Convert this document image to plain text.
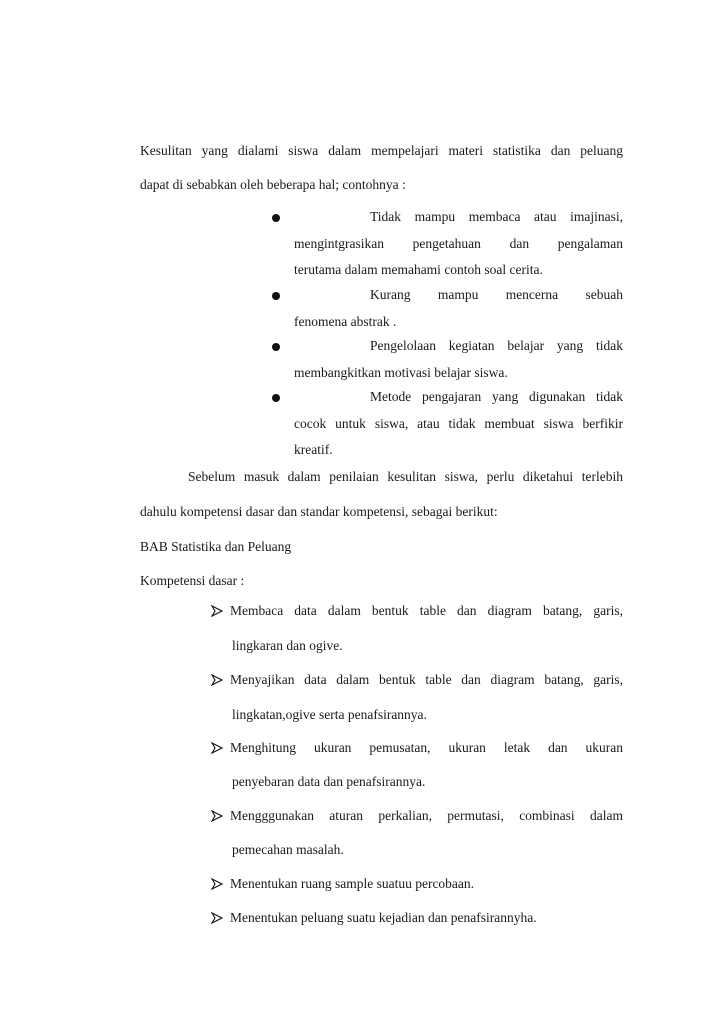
Kesulitan yang dialami siswa dalam mempelajari materi statistika dan peluang
dapat di sebabkan oleh beberapa hal; contohnya :
Tidak mampu membaca atau imajinasi,
mengintgrasikan pengetahuan dan pengalaman
terutama dalam memahami contoh soal cerita.
Kurang mampu mencerna sebuah
fenomena abstrak .
Pengelolaan kegiatan belajar yang tidak
membangkitkan motivasi belajar siswa.
Metode pengajaran yang digunakan tidak
cocok untuk siswa, atau tidak membuat siswa berfikir
kreatif.
Sebelum masuk dalam penilaian kesulitan siswa, perlu diketahui terlebih
dahulu kompetensi dasar dan standar kompetensi, sebagai berikut:
BAB Statistika dan Peluang
Kompetensi dasar :
Membaca data dalam bentuk table dan diagram batang, garis,
lingkaran dan ogive.
Menyajikan data dalam bentuk table dan diagram batang, garis,
lingkatan,ogive serta penafsirannya.
Menghitung ukuran pemusatan, ukuran letak dan ukuran
penyebaran data dan penafsirannya.
Mengggunakan aturan perkalian, permutasi, combinasi dalam
pemecahan masalah.
Menentukan ruang sample suatuu percobaan.
Menentukan peluang suatu kejadian dan penafsirannyha.
